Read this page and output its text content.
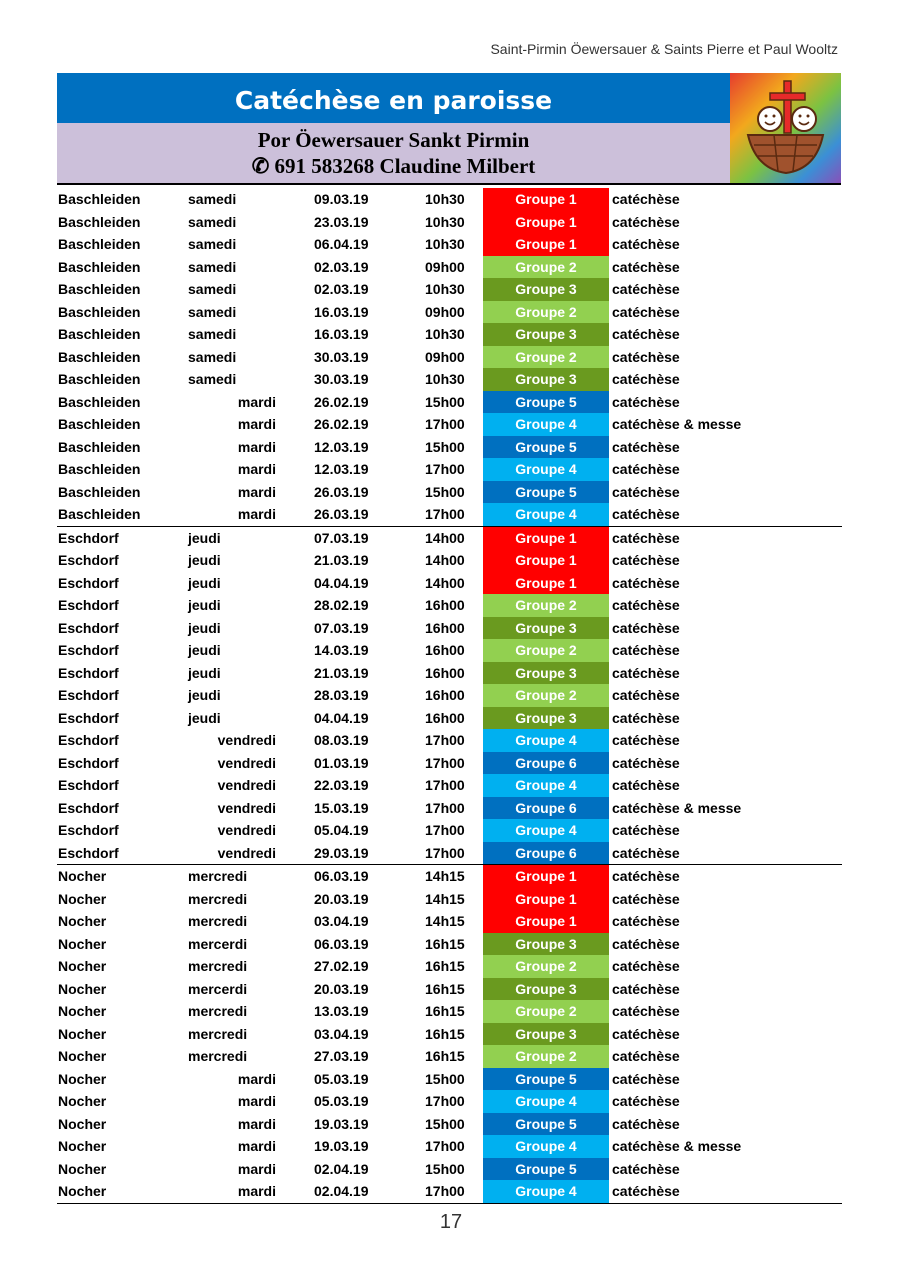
Saint-Pirmin Öewersauer & Saints Pierre et Paul Wooltz
Catéchèse en paroisse
Por Öewersauer Sankt Pirmin
✆ 691 583268 Claudine Milbert
Baschleiden	samedi	09.03.19	10h30	Groupe 1	catéchèse
Baschleiden	samedi	23.03.19	10h30	Groupe 1	catéchèse
Baschleiden	samedi	06.04.19	10h30	Groupe 1	catéchèse
Baschleiden	samedi	02.03.19	09h00	Groupe 2	catéchèse
Baschleiden	samedi	02.03.19	10h30	Groupe 3	catéchèse
Baschleiden	samedi	16.03.19	09h00	Groupe 2	catéchèse
Baschleiden	samedi	16.03.19	10h30	Groupe 3	catéchèse
Baschleiden	samedi	30.03.19	09h00	Groupe 2	catéchèse
Baschleiden	samedi	30.03.19	10h30	Groupe 3	catéchèse
Baschleiden	mardi	26.02.19	15h00	Groupe 5	catéchèse
Baschleiden	mardi	26.02.19	17h00	Groupe 4	catéchèse & messe
Baschleiden	mardi	12.03.19	15h00	Groupe 5	catéchèse
Baschleiden	mardi	12.03.19	17h00	Groupe 4	catéchèse
Baschleiden	mardi	26.03.19	15h00	Groupe 5	catéchèse
Baschleiden	mardi	26.03.19	17h00	Groupe 4	catéchèse
Eschdorf	jeudi	07.03.19	14h00	Groupe 1	catéchèse
Eschdorf	jeudi	21.03.19	14h00	Groupe 1	catéchèse
Eschdorf	jeudi	04.04.19	14h00	Groupe 1	catéchèse
Eschdorf	jeudi	28.02.19	16h00	Groupe 2	catéchèse
Eschdorf	jeudi	07.03.19	16h00	Groupe 3	catéchèse
Eschdorf	jeudi	14.03.19	16h00	Groupe 2	catéchèse
Eschdorf	jeudi	21.03.19	16h00	Groupe 3	catéchèse
Eschdorf	jeudi	28.03.19	16h00	Groupe 2	catéchèse
Eschdorf	jeudi	04.04.19	16h00	Groupe 3	catéchèse
Eschdorf	vendredi	08.03.19	17h00	Groupe 4	catéchèse
Eschdorf	vendredi	01.03.19	17h00	Groupe 6	catéchèse
Eschdorf	vendredi	22.03.19	17h00	Groupe 4	catéchèse
Eschdorf	vendredi	15.03.19	17h00	Groupe 6	catéchèse & messe
Eschdorf	vendredi	05.04.19	17h00	Groupe 4	catéchèse
Eschdorf	vendredi	29.03.19	17h00	Groupe 6	catéchèse
Nocher	mercredi	06.03.19	14h15	Groupe 1	catéchèse
Nocher	mercredi	20.03.19	14h15	Groupe 1	catéchèse
Nocher	mercredi	03.04.19	14h15	Groupe 1	catéchèse
Nocher	mercerdi	06.03.19	16h15	Groupe 3	catéchèse
Nocher	mercredi	27.02.19	16h15	Groupe 2	catéchèse
Nocher	mercerdi	20.03.19	16h15	Groupe 3	catéchèse
Nocher	mercredi	13.03.19	16h15	Groupe 2	catéchèse
Nocher	mercredi	03.04.19	16h15	Groupe 3	catéchèse
Nocher	mercredi	27.03.19	16h15	Groupe 2	catéchèse
Nocher	mardi	05.03.19	15h00	Groupe 5	catéchèse
Nocher	mardi	05.03.19	17h00	Groupe 4	catéchèse
Nocher	mardi	19.03.19	15h00	Groupe 5	catéchèse
Nocher	mardi	19.03.19	17h00	Groupe 4	catéchèse & messe
Nocher	mardi	02.04.19	15h00	Groupe 5	catéchèse
Nocher	mardi	02.04.19	17h00	Groupe 4	catéchèse
17
